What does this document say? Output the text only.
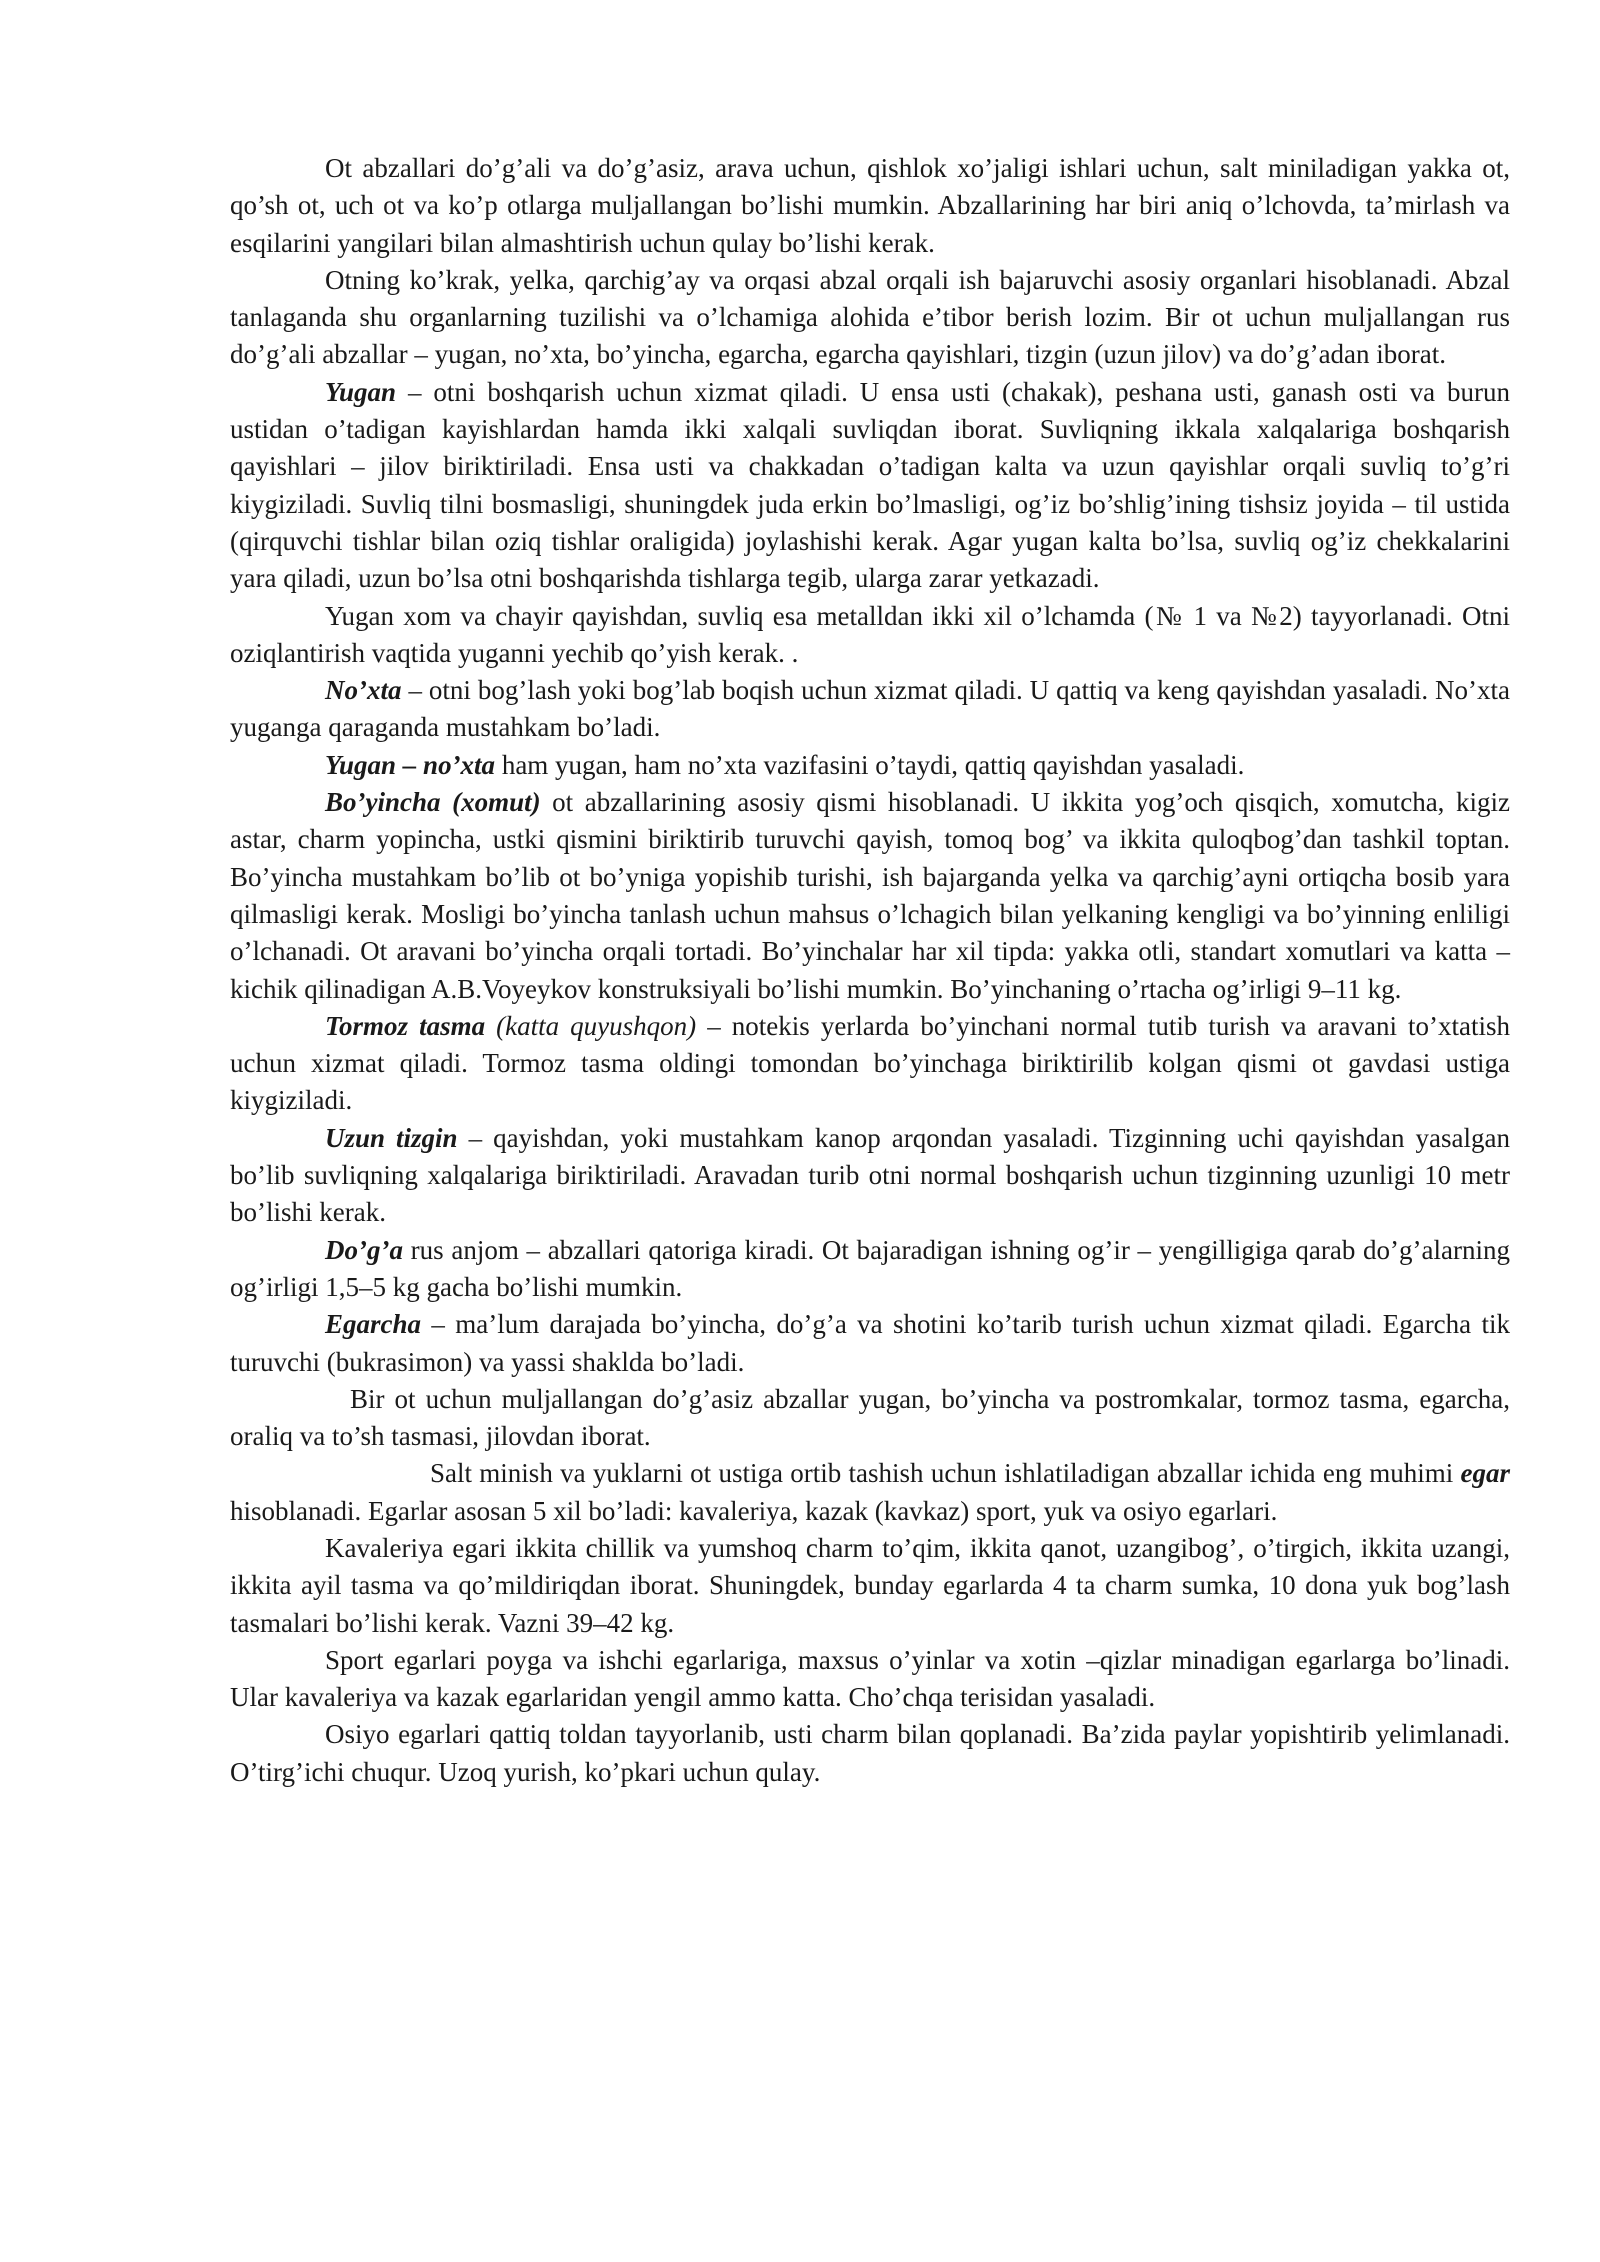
Ot abzallari do’g’ali va do’g’asiz, arava uchun, qishlok xo’jaligi ishlari uchun, salt miniladigan yakka ot, qo’sh ot, uch ot va ko’p otlarga muljallangan bo’lishi mumkin. Abzallarining har biri aniq o’lchovda, ta’mirlash va esqilarini yangilari bilan almashtirish uchun qulay bo’lishi kerak.

Otning ko’krak, yelka, qarchig’ay va orqasi abzal orqali ish bajaruvchi asosiy organlari hisoblanadi. Abzal tanlaganda shu organlarning tuzilishi va o’lchamiga alohida e’tibor berish lozim. Bir ot uchun muljallangan rus do’g’ali abzallar – yugan, no’xta, bo’yincha, egarcha, egarcha qayishlari, tizgin (uzun jilov) va do’g’adan iborat.

Yugan – otni boshqarish uchun xizmat qiladi. U ensa usti (chakak), peshana usti, ganash osti va burun ustidan o’tadigan kayishlardan hamda ikki xalqali suvliqdan iborat. Suvliqning ikkala xalqalariga boshqarish qayishlari – jilov biriktiriladi. Ensa usti va chakkadan o’tadigan kalta va uzun qayishlar orqali suvliq to’g’ri kiygiziladi. Suvliq tilni bosmasligi, shuningdek juda erkin bo’lmasligi, og’iz bo’shlig’ining tishsiz joyida – til ustida (qirquvchi tishlar bilan oziq tishlar oraligida) joylashishi kerak. Agar yugan kalta bo’lsa, suvliq og’iz chekkalarini yara qiladi, uzun bo’lsa otni boshqarishda tishlarga tegib, ularga zarar yetkazadi.

Yugan xom va chayir qayishdan, suvliq esa metalldan ikki xil o’lchamda (№ 1 va №2) tayyorlanadi. Otni oziqlantirish vaqtida yuganni yechib qo’yish kerak. .

No’xta – otni bog’lash yoki bog’lab boqish uchun xizmat qiladi. U qattiq va keng qayishdan yasaladi. No’xta yuganga qaraganda mustahkam bo’ladi.

Yugan – no’xta ham yugan, ham no’xta vazifasini o’taydi, qattiq qayishdan yasaladi.

Bo’yincha (xomut) ot abzallarining asosiy qismi hisoblanadi. U ikkita yog’och qisqich, xomutcha, kigiz astar, charm yopincha, ustki qismini biriktirib turuvchi qayish, tomoq bog’ va ikkita quloqbog’dan tashkil toptan. Bo’yincha mustahkam bo’lib ot bo’yniga yopishib turishi, ish bajarganda yelka va qarchig’ayni ortiqcha bosib yara qilmasligi kerak. Mosligi bo’yincha tanlash uchun mahsus o’lchagich bilan yelkaning kengligi va bo’yinning enliligi o’lchanadi. Ot aravani bo’yincha orqali tortadi. Bo’yinchalar har xil tipda: yakka otli, standart xomutlari va katta – kichik qilinadigan A.B.Voyeykov konstruksiyali bo’lishi mumkin. Bo’yinchaning o’rtacha og’irligi 9–11 kg.

Tormoz tasma (katta quyushqon) – notekis yerlarda bo’yinchani normal tutib turish va aravani to’xtatish uchun xizmat qiladi. Tormoz tasma oldingi tomondan bo’yinchaga biriktirilib kolgan qismi ot gavdasi ustiga kiygiziladi.

Uzun tizgin – qayishdan, yoki mustahkam kanop arqondan yasaladi. Tizginning uchi qayishdan yasalgan bo’lib suvliqning xalqalariga biriktiriladi. Aravadan turib otni normal boshqarish uchun tizginning uzunligi 10 metr bo’lishi kerak.

Do’g’a rus anjom – abzallari qatoriga kiradi. Ot bajaradigan ishning og’ir – yengilligiga qarab do’g’alarning og’irligi 1,5–5 kg gacha bo’lishi mumkin.

Egarcha – ma’lum darajada bo’yincha, do’g’a va shotini ko’tarib turish uchun xizmat qiladi. Egarcha tik turuvchi (bukrasimon) va yassi shaklda bo’ladi.

Bir ot uchun muljallangan do’g’asiz abzallar yugan, bo’yincha va postromkalar, tormoz tasma, egarcha, oraliq va to’sh tasmasi, jilovdan iborat.

Salt minish va yuklarni ot ustiga ortib tashish uchun ishlatiladigan abzallar ichida eng muhimi egar hisoblanadi. Egarlar asosan 5 xil bo’ladi: kavaleriya, kazak (kavkaz) sport, yuk va osiyo egarlari.

Kavaleriya egari ikkita chillik va yumshoq charm to’qim, ikkita qanot, uzangibog’, o’tirgich, ikkita uzangi, ikkita ayil tasma va qo’mildiriqdan iborat. Shuningdek, bunday egarlarda 4 ta charm sumka, 10 dona yuk bog’lash tasmalari bo’lishi kerak. Vazni 39–42 kg.

Sport egarlari poyga va ishchi egarlariga, maxsus o’yinlar va xotin –qizlar minadigan egarlarga bo’linadi. Ular kavaleriya va kazak egarlaridan yengil ammo katta. Cho’chqa terisidan yasaladi.

Osiyo egarlari qattiq toldan tayyorlanib, usti charm bilan qoplanadi. Ba’zida paylar yopishtirib yelimlanadi. O’tirg’ichi chuqur. Uzoq yurish, ko’pkari uchun qulay.
